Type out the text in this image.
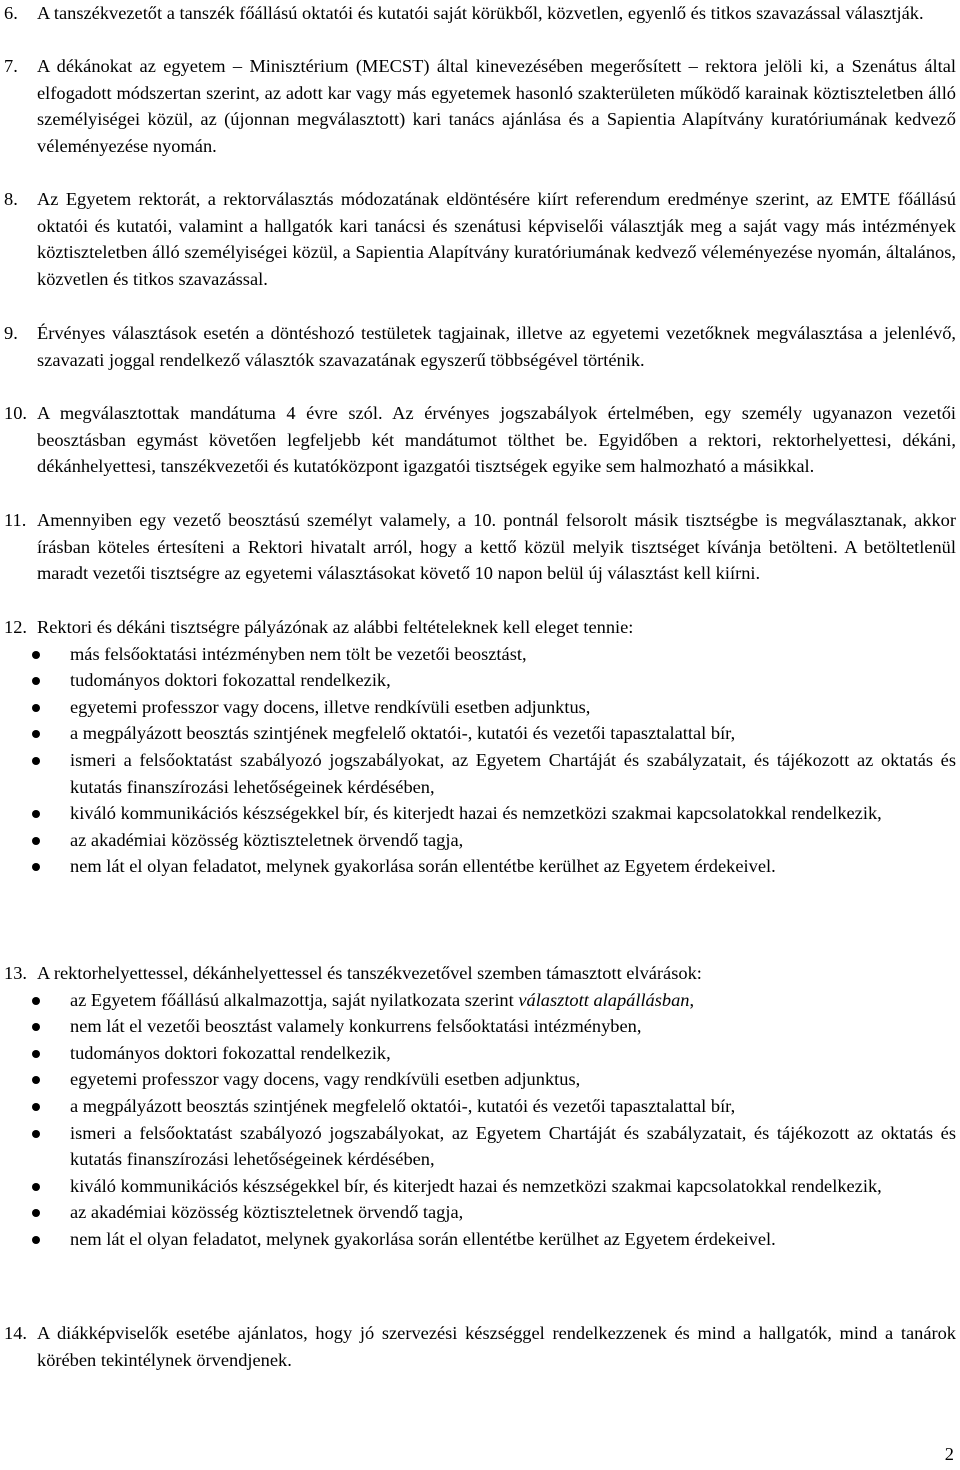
6. A tanszékvezetőt a tanszék főállású oktatói és kutatói saját körükből, közvetlen, egyenlő és titkos szavazással választják.
7. A dékánokat az egyetem – Minisztérium (MECST) által kinevezésében megerősített – rektora jelöli ki, a Szenátus által elfogadott módszertan szerint, az adott kar vagy más egyetemek hasonló szakterületen működő karainak köztiszteletben álló személyiségei közül, az (újonnan megválasztott) kari tanács ajánlása és a Sapientia Alapítvány kuratóriumának kedvező véleményezése nyomán.
8. Az Egyetem rektorát, a rektorválasztás módozatának eldöntésére kiírt referendum eredménye szerint, az EMTE főállású oktatói és kutatói, valamint a hallgatók kari tanácsi és szenátusi képviselői választják meg a saját vagy más intézmények köztiszteletben álló személyiségei közül, a Sapientia Alapítvány kuratóriumának kedvező véleményezése nyomán, általános, közvetlen és titkos szavazással.
9. Érvényes választások esetén a döntéshozó testületek tagjainak, illetve az egyetemi vezetőknek megválasztása a jelenlévő, szavazati joggal rendelkező választók szavazatának egyszerű többségével történik.
10. A megválasztottak mandátuma 4 évre szól. Az érvényes jogszabályok értelmében, egy személy ugyanazon vezetői beosztásban egymást követően legfeljebb két mandátumot tölthet be. Egyidőben a rektori, rektorhelyettesi, dékáni, dékánhelyettesi, tanszékvezetői és kutatóközpont igazgatói tisztségek egyike sem halmozható a másikkal.
11. Amennyiben egy vezető beosztású személyt valamely, a 10. pontnál felsorolt másik tisztségbe is megválasztanak, akkor írásban köteles értesíteni a Rektori hivatalt arról, hogy a kettő közül melyik tisztséget kívánja betölteni. A betöltetlenül maradt vezetői tisztségre az egyetemi választásokat követő 10 napon belül új választást kell kiírni.
12. Rektori és dékáni tisztségre pályázónak az alábbi feltételeknek kell eleget tennie:
más felsőoktatási intézményben nem tölt be vezetői beosztást,
tudományos doktori fokozattal rendelkezik,
egyetemi professzor vagy docens, illetve rendkívüli esetben adjunktus,
a megpályázott beosztás szintjének megfelelő oktatói-, kutatói és vezetői tapasztalattal bír,
ismeri a felsőoktatást szabályozó jogszabályokat, az Egyetem Chartáját és szabályzatait, és tájékozott az oktatás és kutatás finanszírozási lehetőségeinek kérdésében,
kiváló kommunikációs készségekkel bír, és kiterjedt hazai és nemzetközi szakmai kapcsolatokkal rendelkezik,
az akadémiai közösség köztiszteletnek örvendő tagja,
nem lát el olyan feladatot, melynek gyakorlása során ellentétbe kerülhet az Egyetem érdekeivel.
13. A rektorhelyettessel, dékánhelyettessel és tanszékvezetővel szemben támasztott elvárások:
az Egyetem főállású alkalmazottja, saját nyilatkozata szerint választott alapállásban,
nem lát el vezetői beosztást valamely konkurrens felsőoktatási intézményben,
tudományos doktori fokozattal rendelkezik,
egyetemi professzor vagy docens, vagy rendkívüli esetben adjunktus,
a megpályázott beosztás szintjének megfelelő oktatói-, kutatói és vezetői tapasztalattal bír,
ismeri a felsőoktatást szabályozó jogszabályokat, az Egyetem Chartáját és szabályzatait, és tájékozott az oktatás és kutatás finanszírozási lehetőségeinek kérdésében,
kiváló kommunikációs készségekkel bír, és kiterjedt hazai és nemzetközi szakmai kapcsolatokkal rendelkezik,
az akadémiai közösség köztiszteletnek örvendő tagja,
nem lát el olyan feladatot, melynek gyakorlása során ellentétbe kerülhet az Egyetem érdekeivel.
14. A diákképviselők esetébe ajánlatos, hogy jó szervezési készséggel rendelkezzenek és mind a hallgatók, mind a tanárok körében tekintélynek örvendjenek.
2
